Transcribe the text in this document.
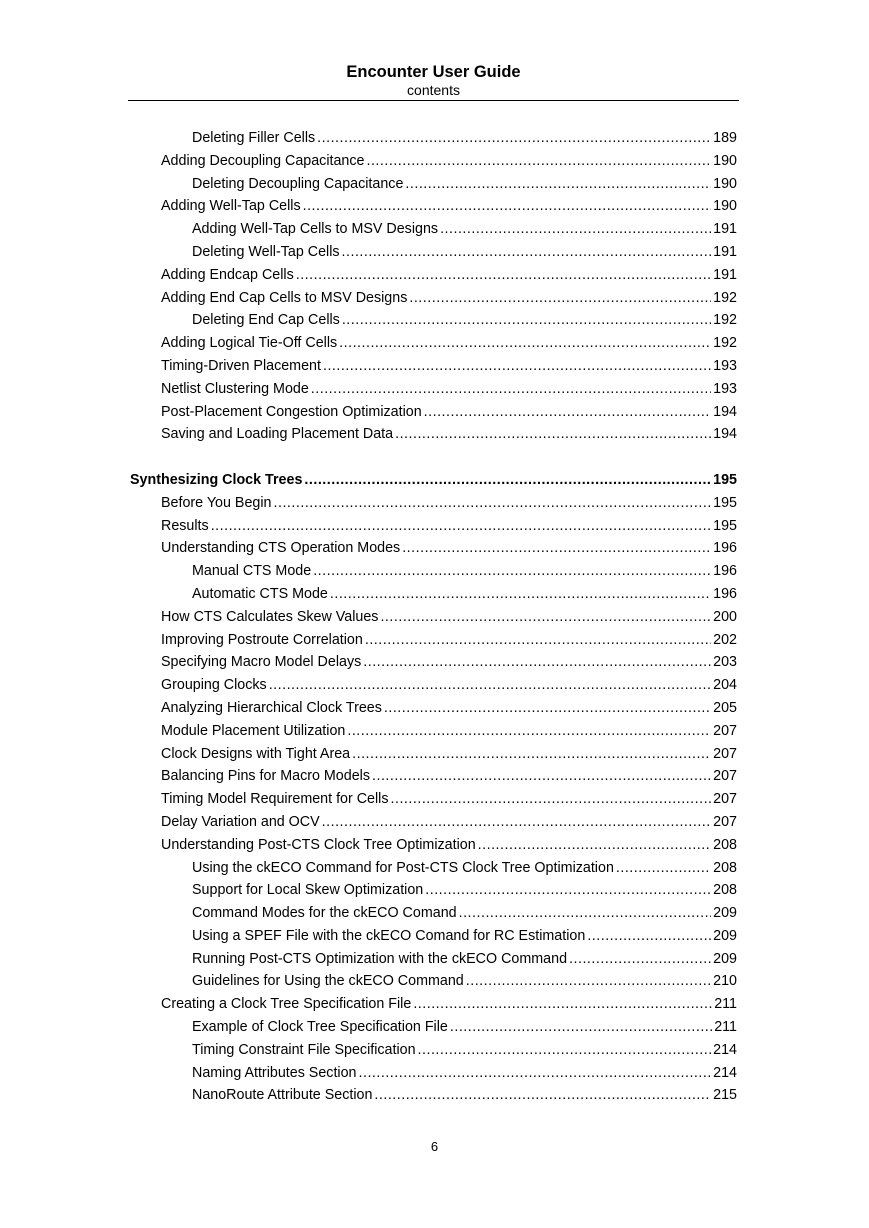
Encounter User Guide
contents
Deleting Filler Cells .....	189
Adding Decoupling Capacitance .....	190
Deleting Decoupling Capacitance .....	190
Adding Well-Tap Cells .....	190
Adding Well-Tap Cells to MSV Designs .....	191
Deleting Well-Tap Cells .....	191
Adding Endcap Cells .....	191
Adding End Cap Cells to MSV Designs .....	192
Deleting End Cap Cells .....	192
Adding Logical Tie-Off Cells .....	192
Timing-Driven Placement .....	193
Netlist Clustering Mode .....	193
Post-Placement Congestion Optimization .....	194
Saving and Loading Placement Data .....	194
Synthesizing Clock Trees .....	195
Before You Begin .....	195
Results .....	195
Understanding CTS Operation Modes .....	196
Manual CTS Mode .....	196
Automatic CTS Mode .....	196
How CTS Calculates Skew Values .....	200
Improving Postroute Correlation .....	202
Specifying Macro Model Delays .....	203
Grouping Clocks .....	204
Analyzing Hierarchical Clock Trees .....	205
Module Placement Utilization .....	207
Clock Designs with Tight Area .....	207
Balancing Pins for Macro Models .....	207
Timing Model Requirement for Cells .....	207
Delay Variation and OCV .....	207
Understanding Post-CTS Clock Tree Optimization .....	208
Using the ckECO Command for Post-CTS Clock Tree Optimization .....	208
Support for Local Skew Optimization .....	208
Command Modes for the ckECO Comand .....	209
Using a SPEF File with the ckECO Comand for RC Estimation .....	209
Running Post-CTS Optimization with the ckECO Command .....	209
Guidelines for Using the ckECO Command .....	210
Creating a Clock Tree Specification File .....	211
Example of Clock Tree Specification File .....	211
Timing Constraint File Specification .....	214
Naming Attributes Section .....	214
NanoRoute Attribute Section .....	215
6
